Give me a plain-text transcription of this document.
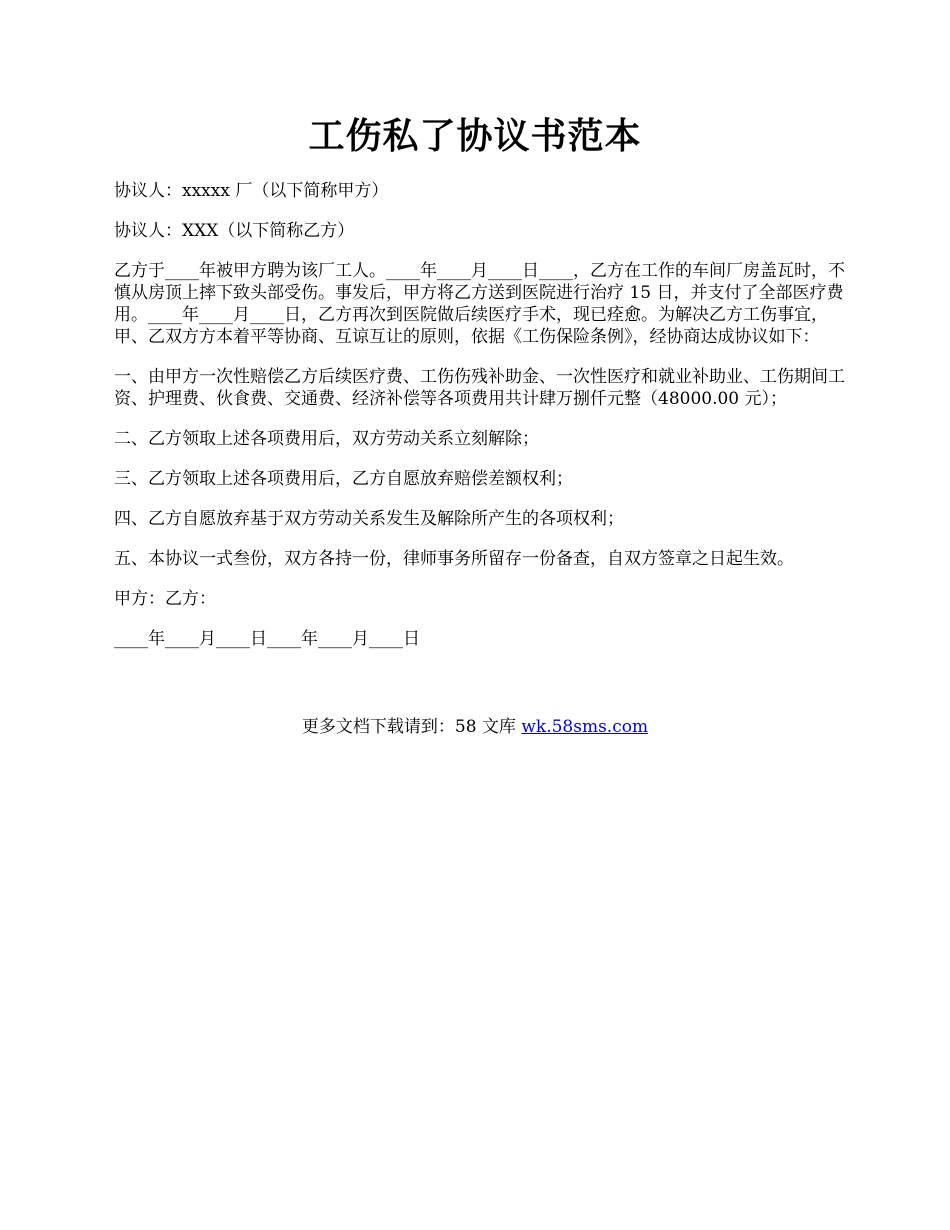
工伤私了协议书范本

协议人：xxxxx 厂（以下简称甲方）

协议人：XXX（以下简称乙方）

乙方于____年被甲方聘为该厂工人。____年____月____日____，乙方在工作的车间厂房盖瓦时，不慎从房顶上摔下致头部受伤。事发后，甲方将乙方送到医院进行治疗 15 日，并支付了全部医疗费用。____年____月____日，乙方再次到医院做后续医疗手术，现已痊愈。为解决乙方工伤事宜，甲、乙双方方本着平等协商、互谅互让的原则，依据《工伤保险条例》，经协商达成协议如下：

一、由甲方一次性赔偿乙方后续医疗费、工伤伤残补助金、一次性医疗和就业补助业、工伤期间工资、护理费、伙食费、交通费、经济补偿等各项费用共计肆万捌仟元整（48000.00 元）；

二、乙方领取上述各项费用后，双方劳动关系立刻解除；

三、乙方领取上述各项费用后，乙方自愿放弃赔偿差额权利；

四、乙方自愿放弃基于双方劳动关系发生及解除所产生的各项权利；

五、本协议一式叁份，双方各持一份，律师事务所留存一份备查，自双方签章之日起生效。

甲方：乙方：

____年____月____日____年____月____日

更多文档下载请到：58 文库 wk.58sms.com
